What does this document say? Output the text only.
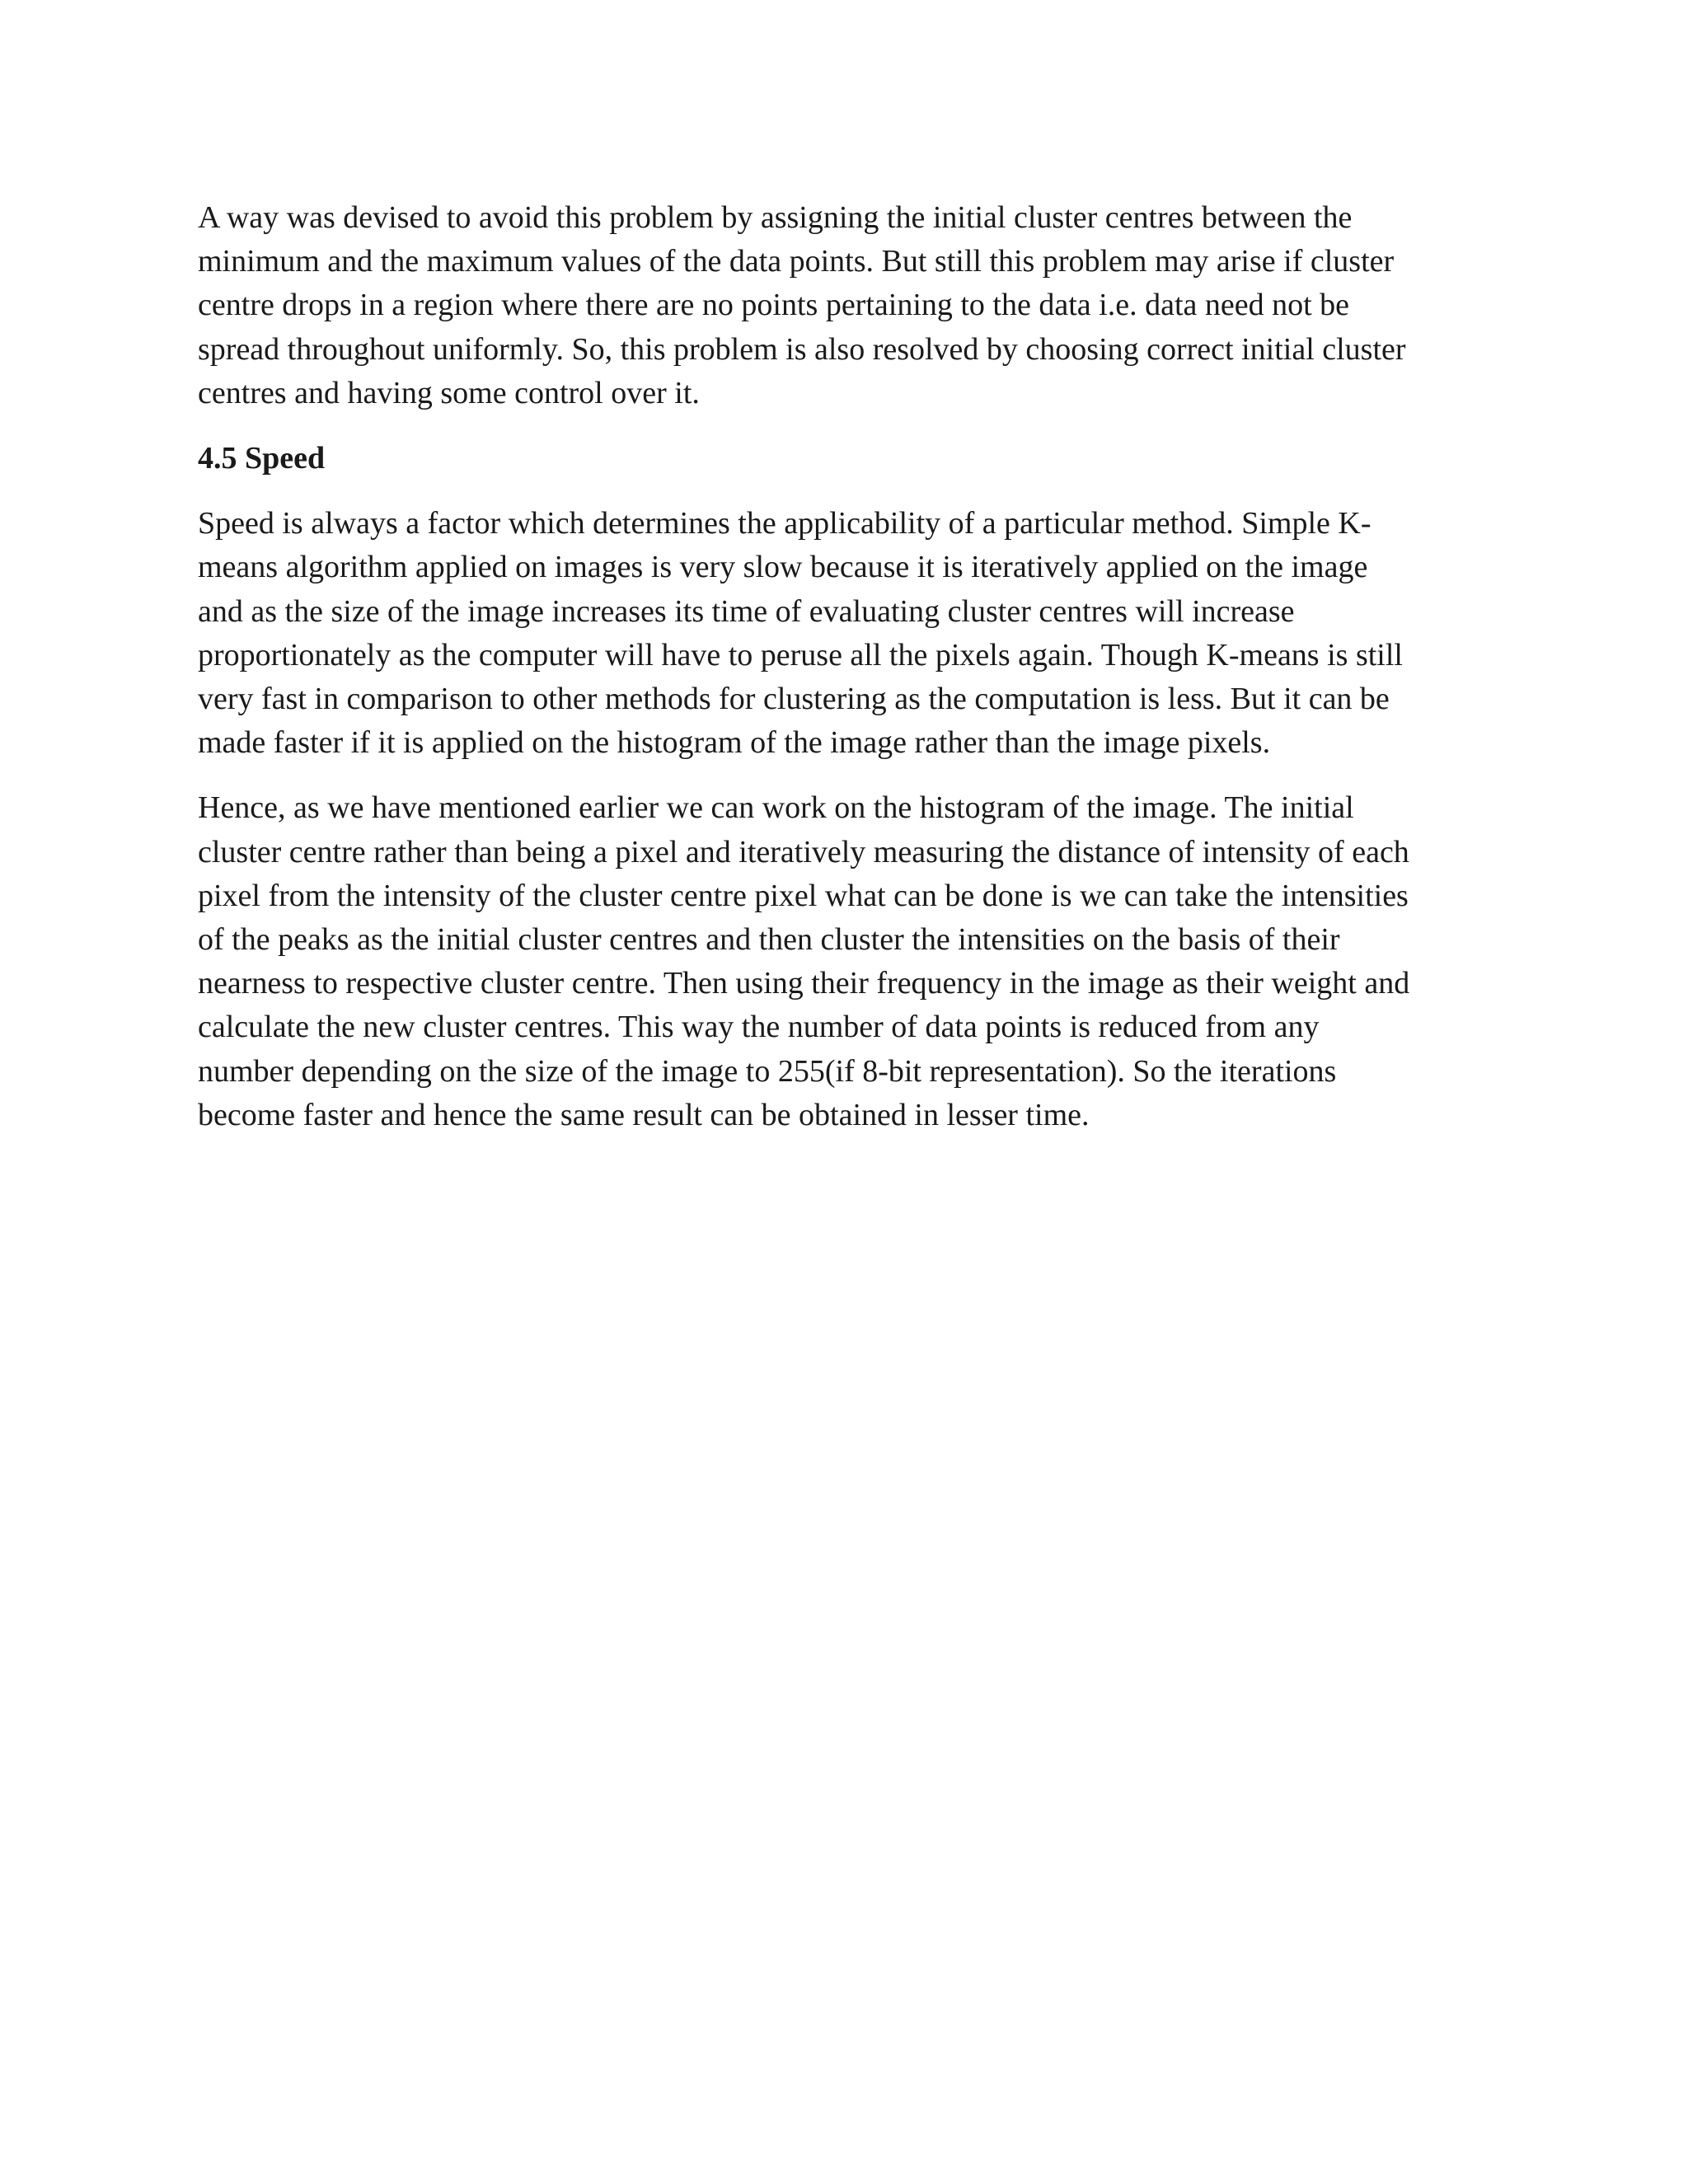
A way was devised to avoid this problem by assigning the initial cluster centres between the
minimum and the maximum values of the data points. But still this problem may arise if cluster
centre drops in a region where there are no points pertaining to the data i.e. data need not be
spread throughout uniformly. So, this problem is also resolved by choosing correct initial cluster
centres and having some control over it.

4.5 Speed

Speed is always a factor which determines the applicability of a particular method. Simple K-
means algorithm applied on images is very slow because it is iteratively applied on the image
and as the size of the image increases its time of evaluating cluster centres will increase
proportionately as the computer will have to peruse all the pixels again. Though K-means is still
very fast in comparison to other methods for clustering as the computation is less. But it can be
made faster if it is applied on the histogram of the image rather than the image pixels.

Hence, as we have mentioned earlier we can work on the histogram of the image. The initial
cluster centre rather than being a pixel and iteratively measuring the distance of intensity of each
pixel from the intensity of the cluster centre pixel what can be done is we can take the intensities
of the peaks as the initial cluster centres and then cluster the intensities on the basis of their
nearness to respective cluster centre. Then using their frequency in the image as their weight and
calculate the new cluster centres. This way the number of data points is reduced from any
number depending on the size of the image to 255(if 8-bit representation). So the iterations
become faster and hence the same result can be obtained in lesser time.
